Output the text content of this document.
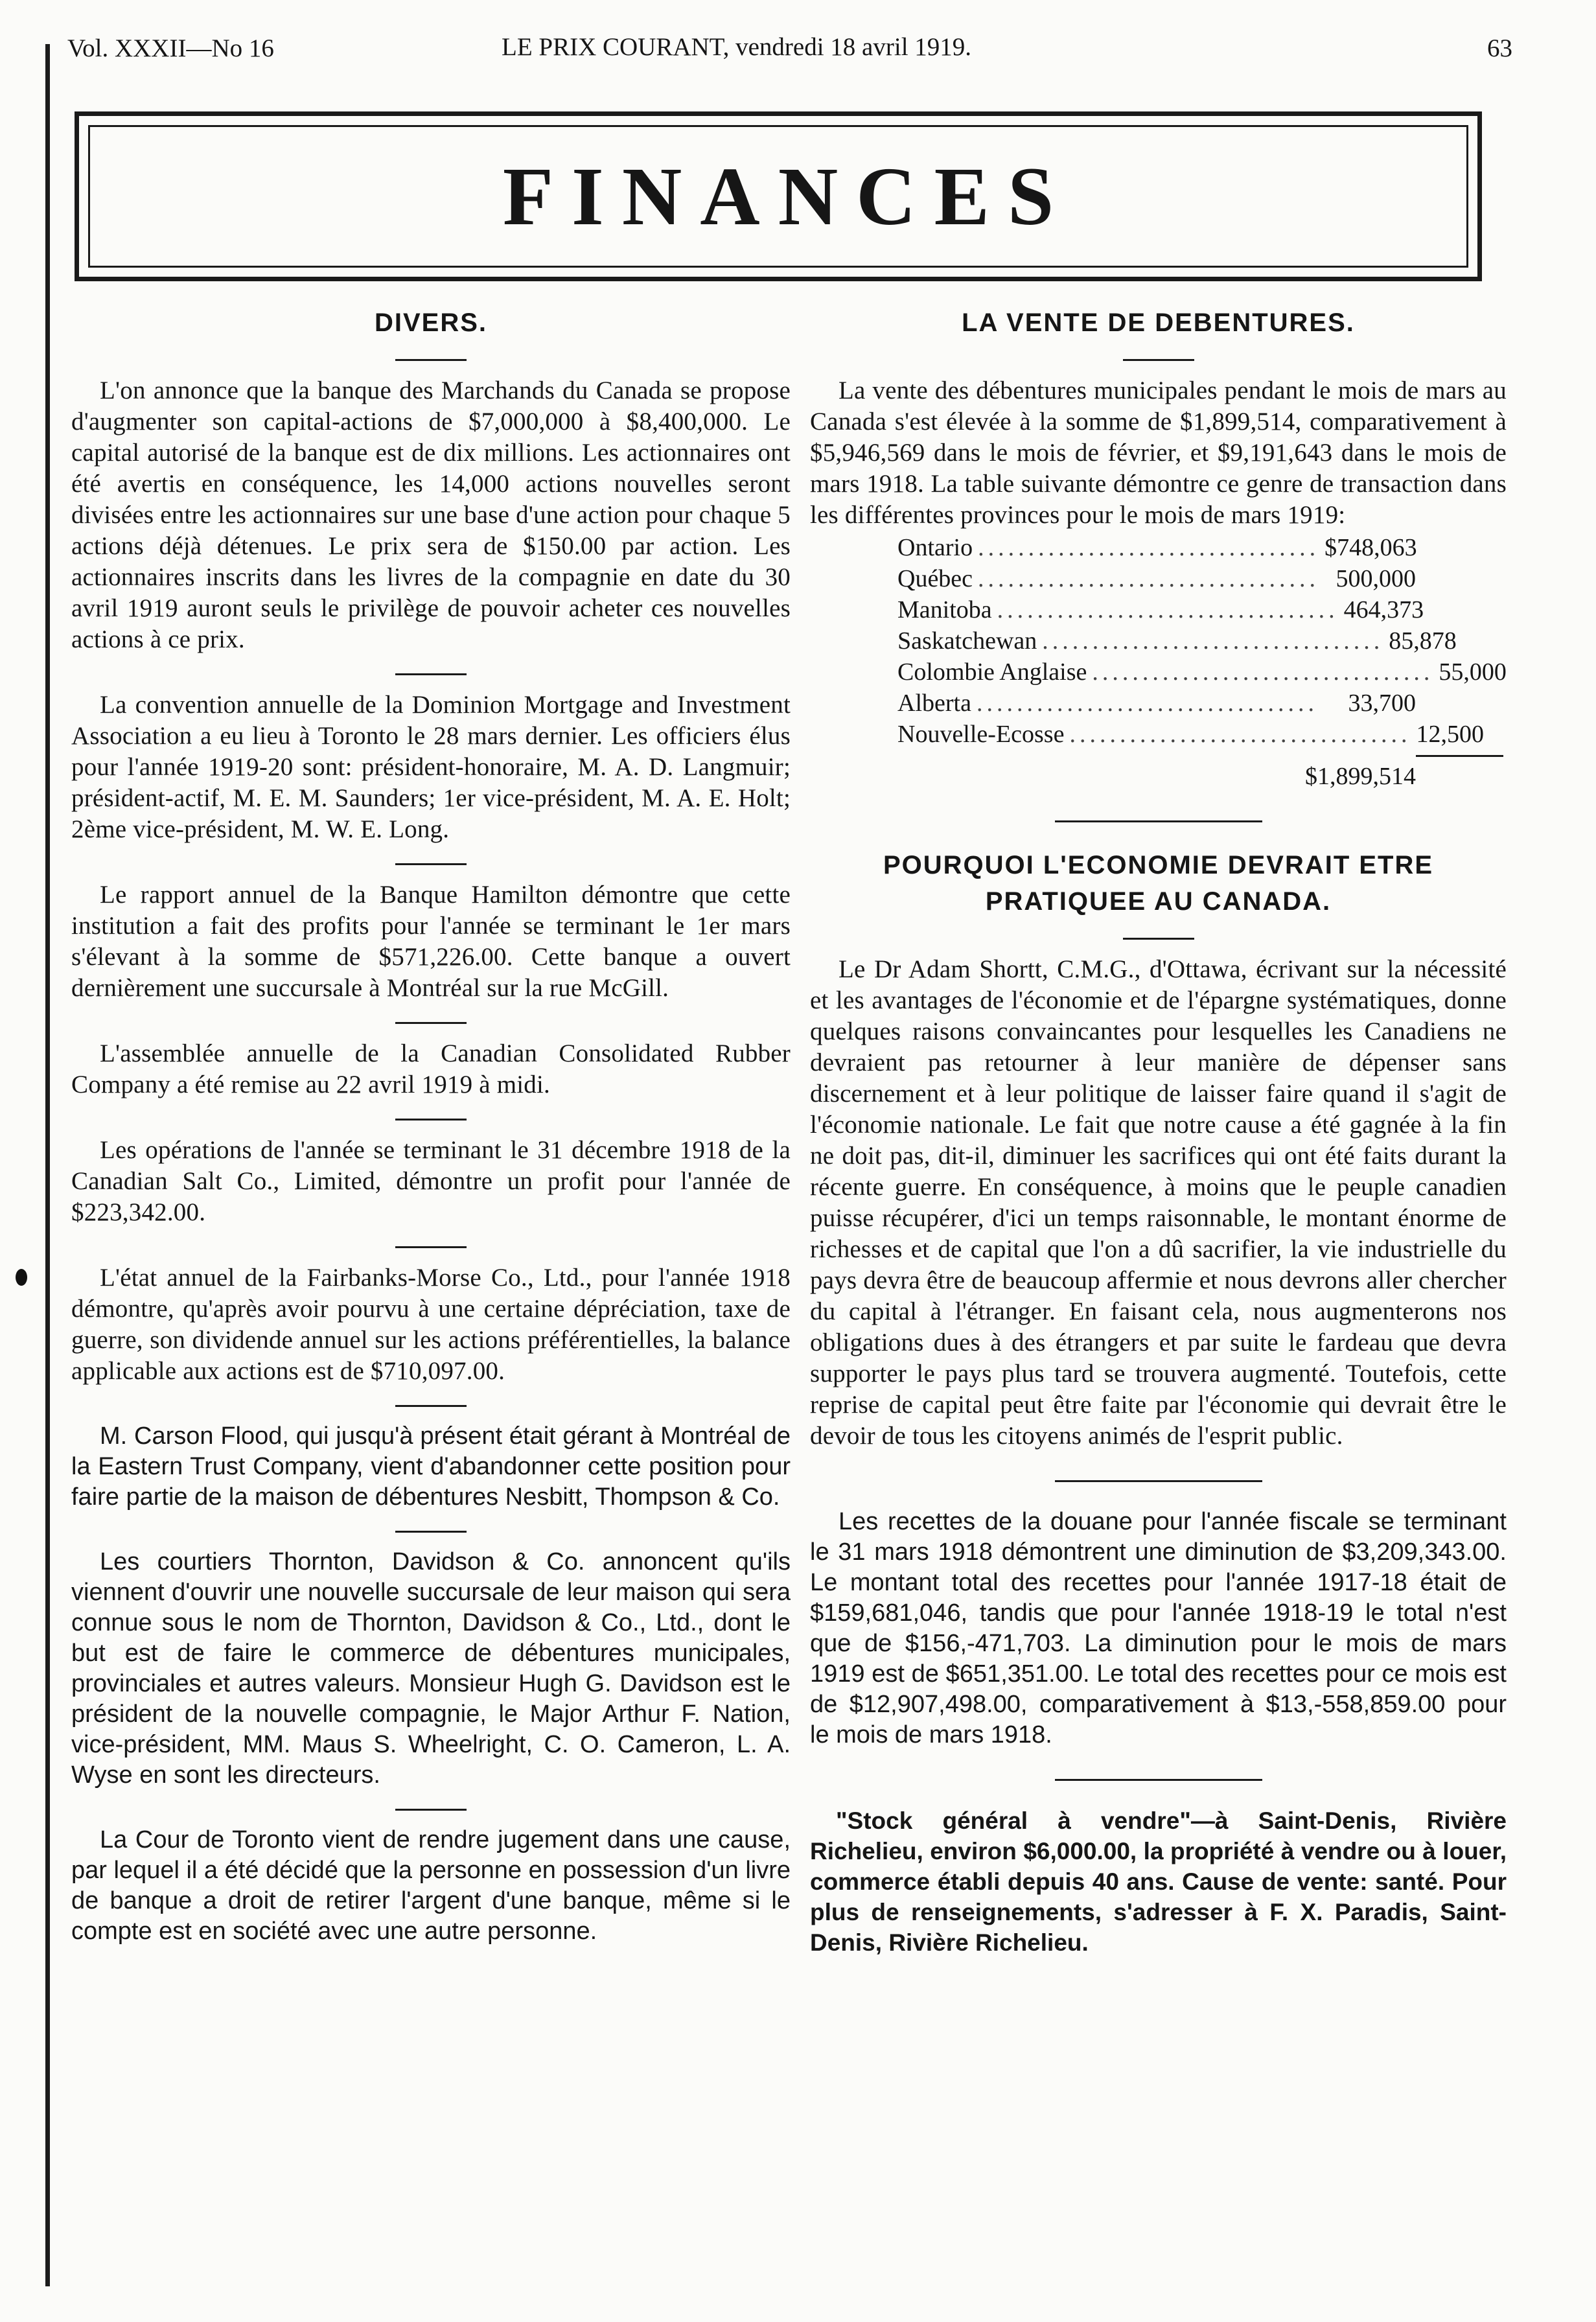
Vol. XXXII—No 16	LE PRIX COURANT, vendredi 18 avril 1919.	63
FINANCES
DIVERS.

L'on annonce que la banque des Marchands du Canada se propose d'augmenter son capital-actions de $7,000,000 à $8,400,000. Le capital autorisé de la banque est de dix millions. Les actionnaires ont été avertis en conséquence, les 14,000 actions nouvelles seront divisées entre les actionnaires sur une base d'une action pour chaque 5 actions déjà détenues. Le prix sera de $150.00 par action. Les actionnaires inscrits dans les livres de la compagnie en date du 30 avril 1919 auront seuls le privilège de pouvoir acheter ces nouvelles actions à ce prix.

La convention annuelle de la Dominion Mortgage and Investment Association a eu lieu à Toronto le 28 mars dernier. Les officiers élus pour l'année 1919-20 sont: président-honoraire, M. A. D. Langmuir; président-actif, M. E. M. Saunders; 1er vice-président, M. A. E. Holt; 2ème vice-président, M. W. E. Long.

Le rapport annuel de la Banque Hamilton démontre que cette institution a fait des profits pour l'année se terminant le 1er mars s'élevant à la somme de $571,226.00. Cette banque a ouvert dernièrement une succursale à Montréal sur la rue McGill.

L'assemblée annuelle de la Canadian Consolidated Rubber Company a été remise au 22 avril 1919 à midi.

Les opérations de l'année se terminant le 31 décembre 1918 de la Canadian Salt Co., Limited, démontre un profit pour l'année de $223,342.00.

L'état annuel de la Fairbanks-Morse Co., Ltd., pour l'année 1918 démontre, qu'après avoir pourvu à une certaine dépréciation, taxe de guerre, son dividende annuel sur les actions préférentielles, la balance applicable aux actions est de $710,097.00.

M. Carson Flood, qui jusqu'à présent était gérant à Montréal de la Eastern Trust Company, vient d'abandonner cette position pour faire partie de la maison de débentures Nesbitt, Thompson & Co.

Les courtiers Thornton, Davidson & Co. annoncent qu'ils viennent d'ouvrir une nouvelle succursale de leur maison qui sera connue sous le nom de Thornton, Davidson & Co., Ltd., dont le but est de faire le commerce de débentures municipales, provinciales et autres valeurs. Monsieur Hugh G. Davidson est le président de la nouvelle compagnie, le Major Arthur F. Nation, vice-président, MM. Maus S. Wheelright, C. O. Cameron, L. A. Wyse en sont les directeurs.

La Cour de Toronto vient de rendre jugement dans une cause, par lequel il a été décidé que la personne en possession d'un livre de banque a droit de retirer l'argent d'une banque, même si le compte est en société avec une autre personne.

LA VENTE DE DEBENTURES.

La vente des débentures municipales pendant le mois de mars au Canada s'est élevée à la somme de $1,899,514, comparativement à $5,946,569 dans le mois de février, et $9,191,643 dans le mois de mars 1918. La table suivante démontre ce genre de transaction dans les différentes provinces pour le mois de mars 1919:

Ontario .................................. $ 748,063
Québec .................................. 500,000
Manitoba .................................. 464,373
Saskatchewan .................................. 85,878
Colombie Anglaise .................................. 55,000
Alberta .................................. 33,700
Nouvelle-Ecosse .................................. 12,500
$1,899,514
POURQUOI L'ECONOMIE DEVRAIT ETRE
PRATIQUEE AU CANADA.

Le Dr Adam Shortt, C.M.G., d'Ottawa, écrivant sur la nécessité et les avantages de l'économie et de l'épargne systématiques, donne quelques raisons convaincantes pour lesquelles les Canadiens ne devraient pas retourner à leur manière de dépenser sans discernement et à leur politique de laisser faire quand il s'agit de l'économie nationale. Le fait que notre cause a été gagnée à la fin ne doit pas, dit-il, diminuer les sacrifices qui ont été faits durant la récente guerre. En conséquence, à moins que le peuple canadien puisse récupérer, d'ici un temps raisonnable, le montant énorme de richesses et de capital que l'on a dû sacrifier, la vie industrielle du pays devra être de beaucoup affermie et nous devrons aller chercher du capital à l'étranger. En faisant cela, nous augmenterons nos obligations dues à des étrangers et par suite le fardeau que devra supporter le pays plus tard se trouvera augmenté. Toutefois, cette reprise de capital peut être faite par l'économie qui devrait être le devoir de tous les citoyens animés de l'esprit public.

Les recettes de la douane pour l'année fiscale se terminant le 31 mars 1918 démontrent une diminution de $3,209,343.00. Le montant total des recettes pour l'année 1917-18 était de $159,681,046, tandis que pour l'année 1918-19 le total n'est que de $156,-471,703. La diminution pour le mois de mars 1919 est de $651,351.00. Le total des recettes pour ce mois est de $12,907,498.00, comparativement à $13,-558,859.00 pour le mois de mars 1918.

"Stock général à vendre"—à Saint-Denis, Rivière Richelieu, environ $6,000.00, la propriété à vendre ou à louer, commerce établi depuis 40 ans. Cause de vente: santé. Pour plus de renseignements, s'adresser à F. X. Paradis, Saint-Denis, Rivière Richelieu.
